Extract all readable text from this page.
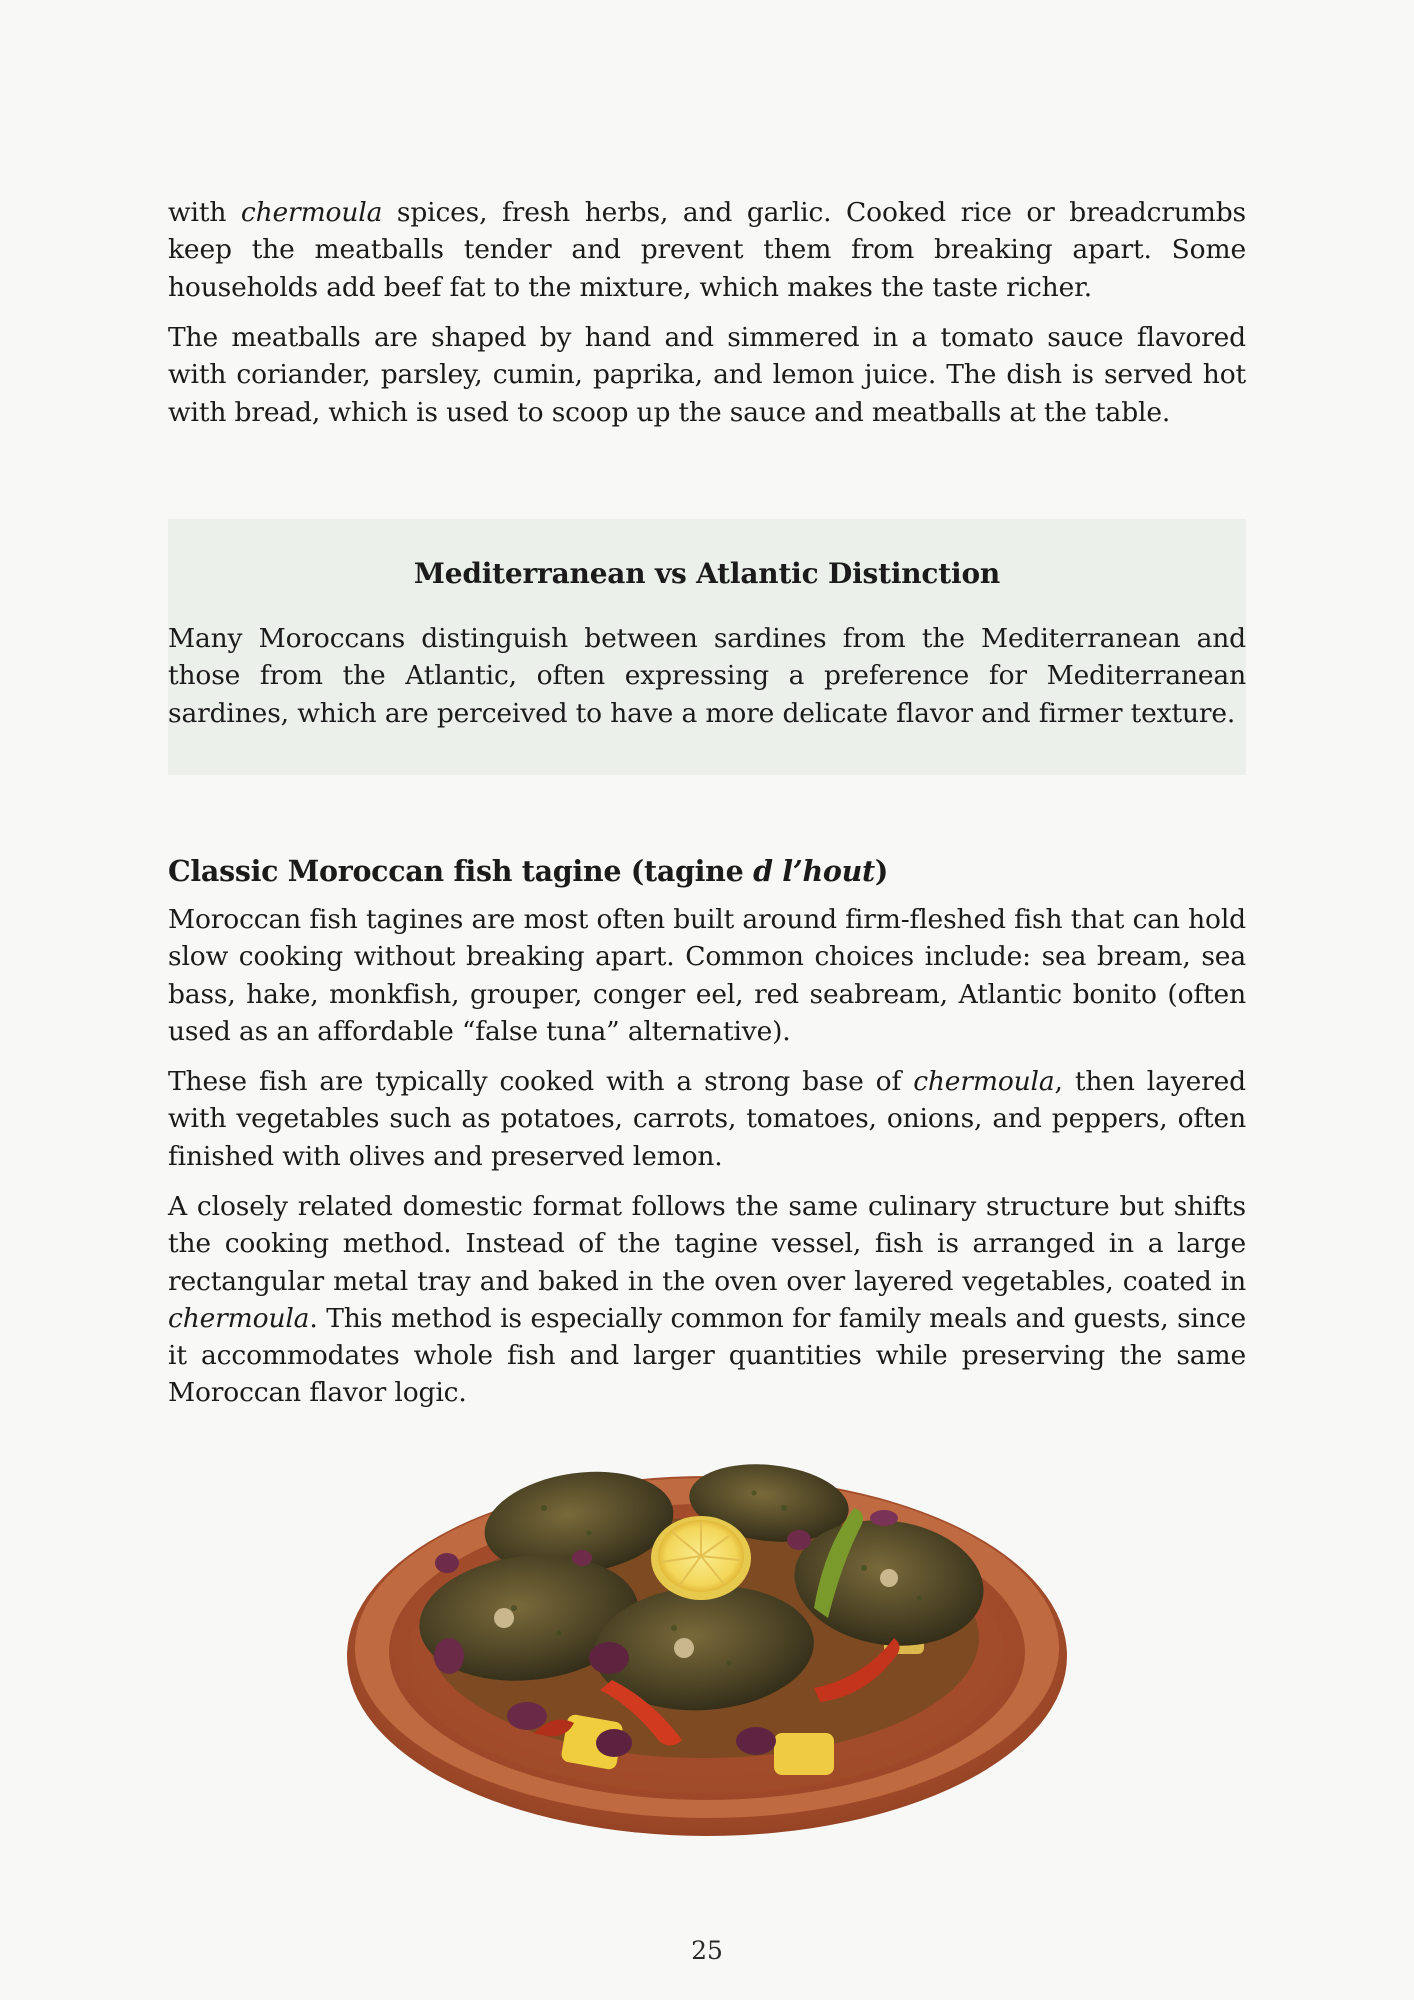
with chermoula spices, fresh herbs, and garlic. Cooked rice or breadcrumbs keep the meatballs tender and prevent them from breaking apart. Some households add beef fat to the mixture, which makes the taste richer.

The meatballs are shaped by hand and simmered in a tomato sauce flavored with coriander, parsley, cumin, paprika, and lemon juice. The dish is served hot with bread, which is used to scoop up the sauce and meatballs at the table.

Mediterranean vs Atlantic Distinction

Many Moroccans distinguish between sardines from the Mediterranean and those from the Atlantic, often expressing a preference for Mediterranean sardines, which are perceived to have a more delicate flavor and firmer texture.

Classic Moroccan fish tagine (tagine d l’hout)

Moroccan fish tagines are most often built around firm-fleshed fish that can hold slow cooking without breaking apart. Common choices include: sea bream, sea bass, hake, monkfish, grouper, conger eel, red seabream, Atlantic bonito (often used as an affordable “false tuna” alternative).

These fish are typically cooked with a strong base of chermoula, then layered with vegetables such as potatoes, carrots, tomatoes, onions, and peppers, often finished with olives and preserved lemon.

A closely related domestic format follows the same culinary structure but shifts the cooking method. Instead of the tagine vessel, fish is arranged in a large rectangular metal tray and baked in the oven over layered vegetables, coated in chermoula. This method is especially common for family meals and guests, since it accommodates whole fish and larger quantities while preserving the same Moroccan flavor logic.

25
